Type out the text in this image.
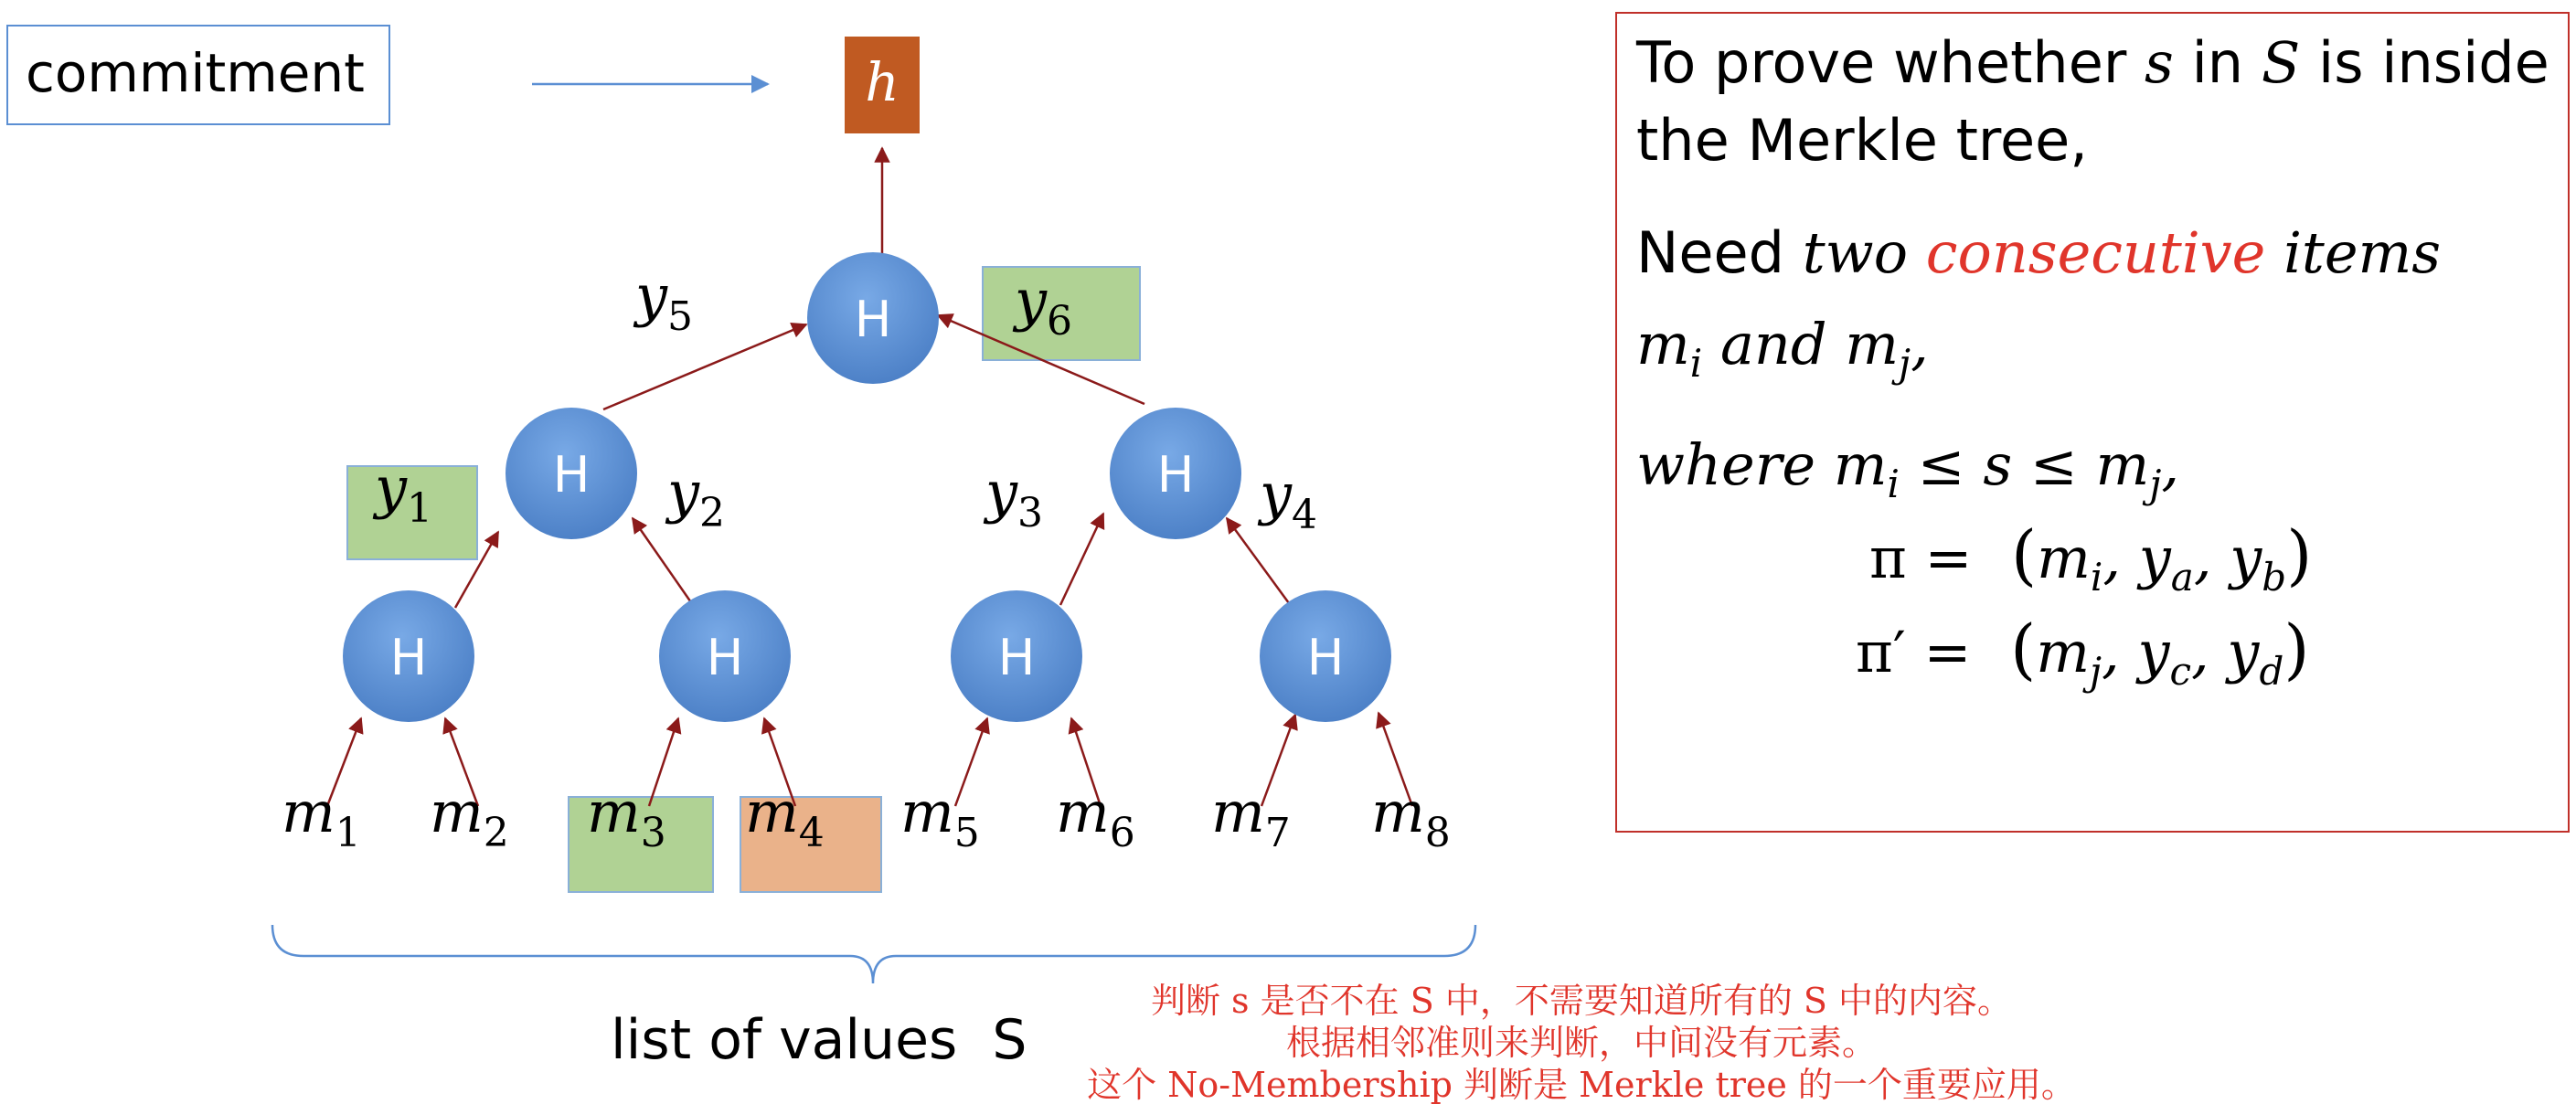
commitment	h
H
H	H
H	H	H	H
$y_5$	$y_6$
$y_1$	$y_2$	$y_3$	$y_4$
$m_1$ $m_2$ $m_3$ $m_4$ $m_5$ $m_6$ $m_7$ $m_8$
list of values  S
判断 s 是否不在 S 中，不需要知道所有的 S 中的内容。
根据相邻准则来判断，中间没有元素。
这个 No-Membership 判断是 Merkle tree 的一个重要应用。
To prove whether s in S is inside
the Merkle tree,
Need two consecutive items
$m_i$ and $m_j$,
where $m_i \le s \le m_j$,
$\pi = (m_i$, $y_a$, $y_b$)
$\pi' = (m_j$, $y_c$, $y_d$)
